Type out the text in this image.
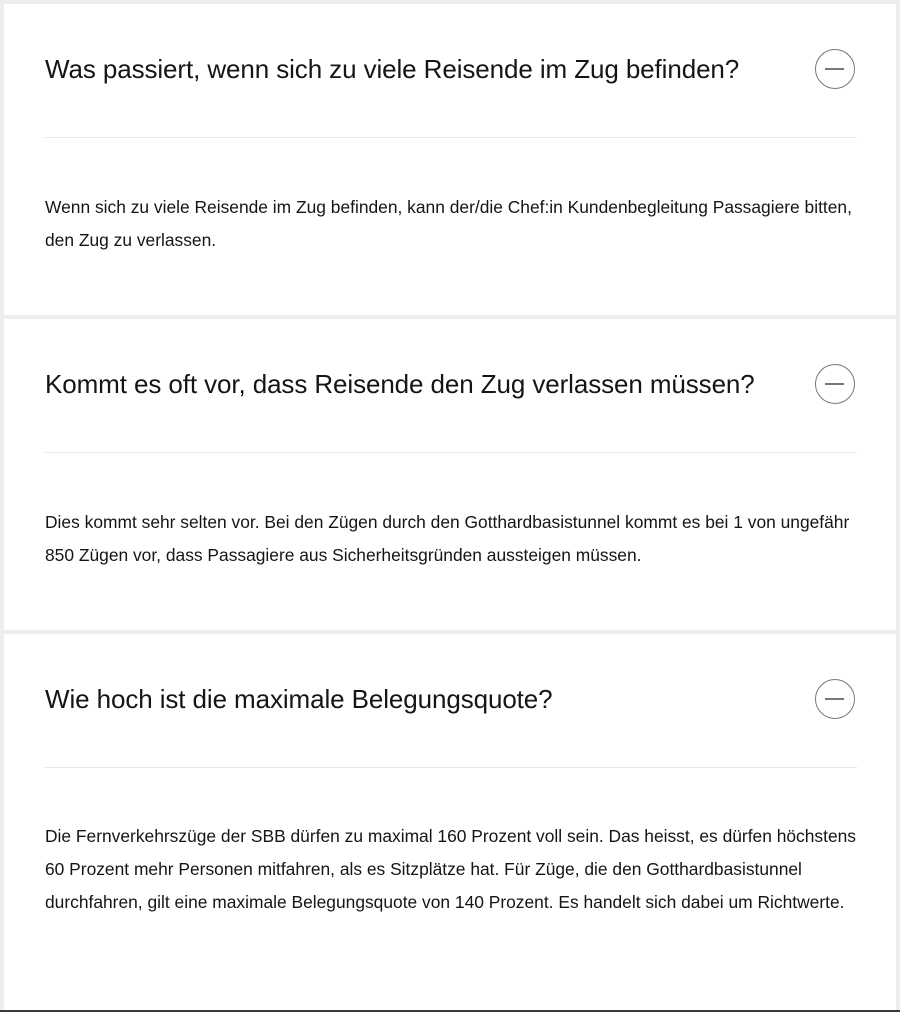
Was passiert, wenn sich zu viele Reisende im Zug befinden?

Wenn sich zu viele Reisende im Zug befinden, kann der/die Chef:in Kundenbegleitung Passagiere bitten, den Zug zu verlassen.

Kommt es oft vor, dass Reisende den Zug verlassen müssen?

Dies kommt sehr selten vor. Bei den Zügen durch den Gotthardbasistunnel kommt es bei 1 von ungefähr 850 Zügen vor, dass Passagiere aus Sicherheitsgründen aussteigen müssen.

Wie hoch ist die maximale Belegungsquote?

Die Fernverkehrszüge der SBB dürfen zu maximal 160 Prozent voll sein. Das heisst, es dürfen höchstens 60 Prozent mehr Personen mitfahren, als es Sitzplätze hat. Für Züge, die den Gotthardbasistunnel durchfahren, gilt eine maximale Belegungsquote von 140 Prozent. Es handelt sich dabei um Richtwerte.
